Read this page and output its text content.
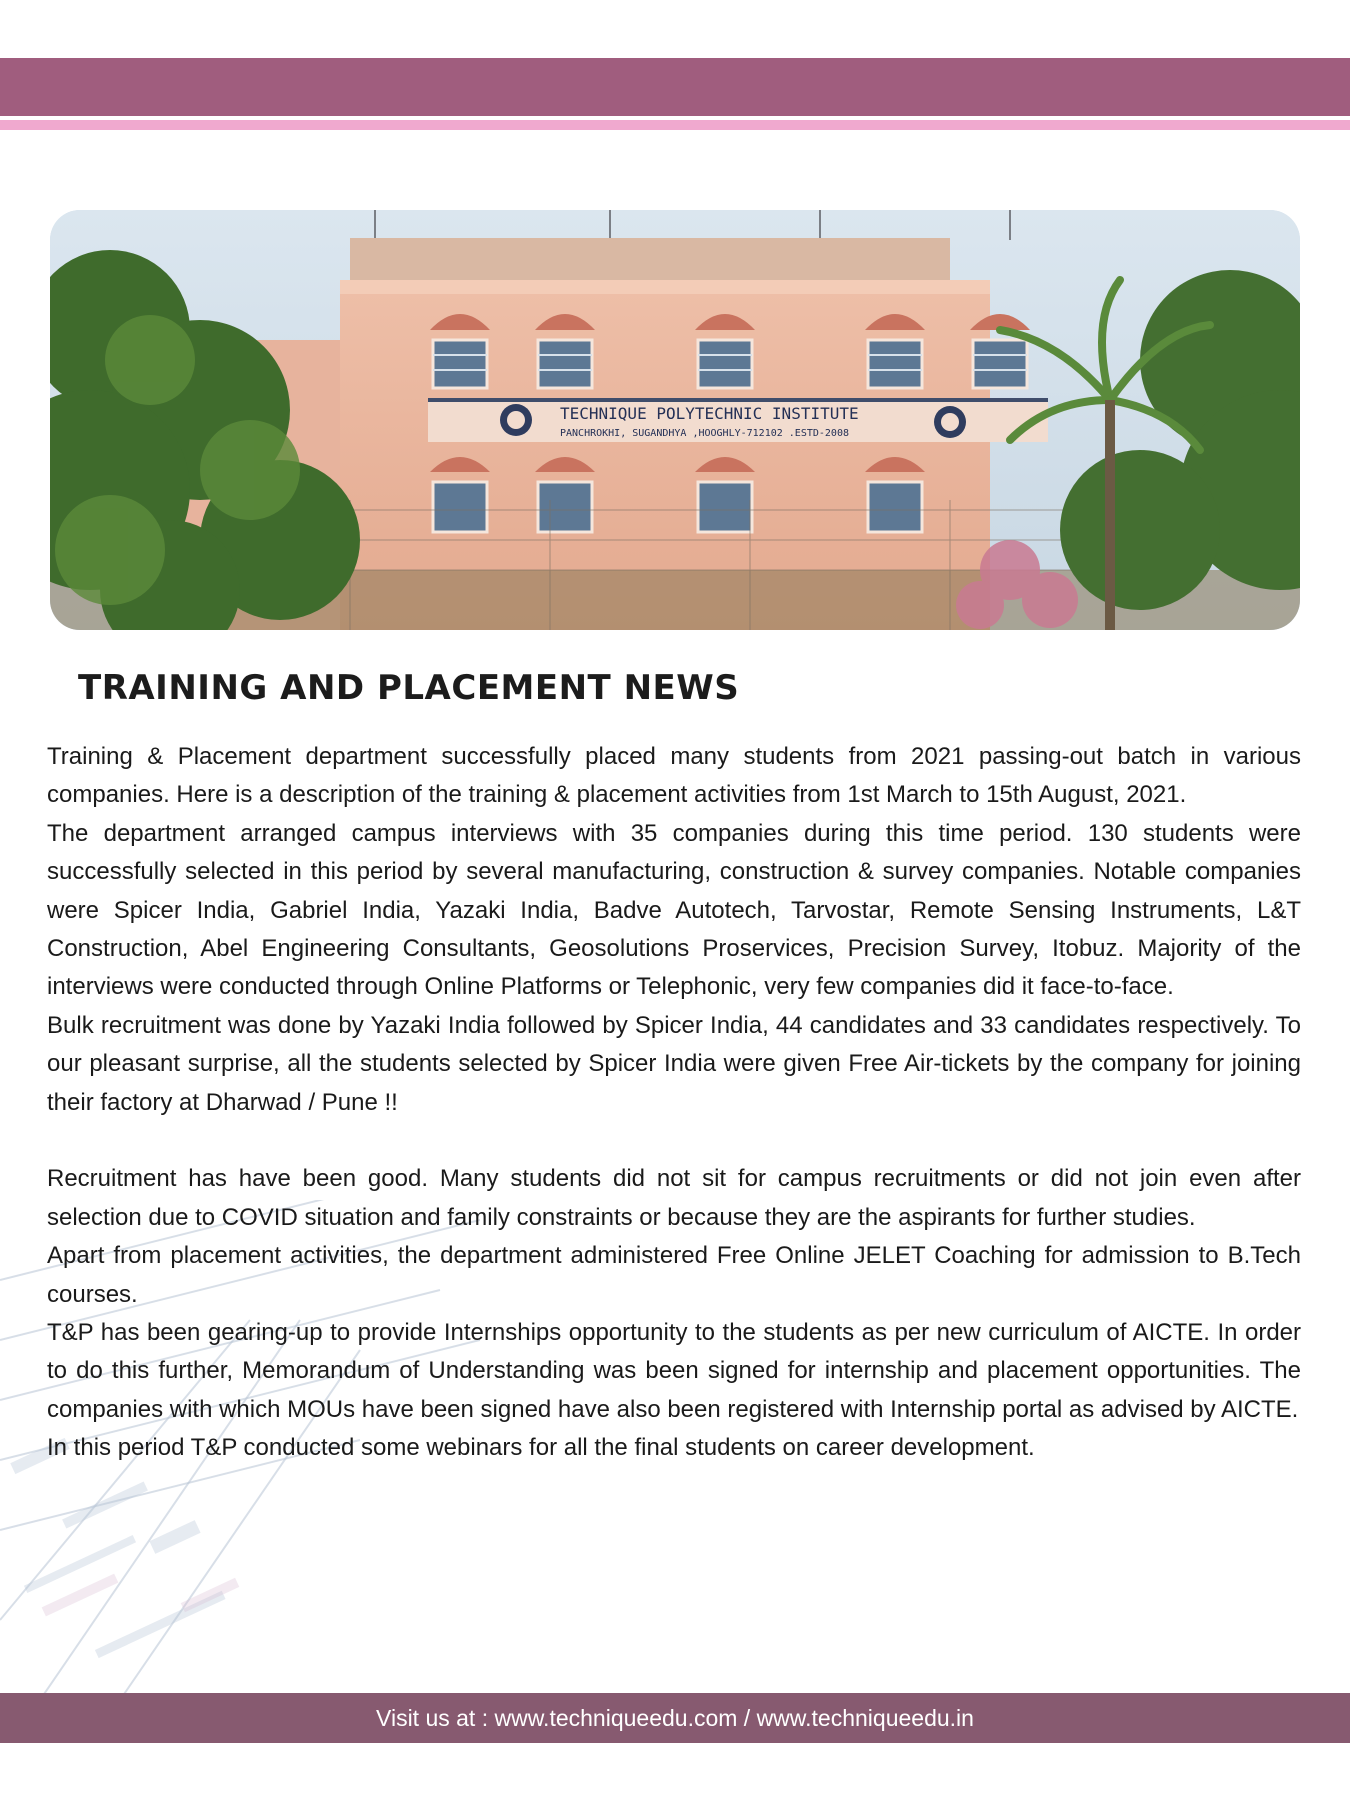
TECHNIQUE POLYTECHNIC INSTITUTE
PANCHROKHI, SUGANDHYA ,HOOGHLY-712102 .ESTD-2008
TRAINING AND PLACEMENT NEWS

Training & Placement department successfully placed many students from 2021 passing-out batch in various companies. Here is a description of the training & placement activities from 1st March to 15th August, 2021.

The department arranged campus interviews with 35 companies during this time period. 130 students were successfully selected in this period by several manufacturing, construction & survey companies. Notable companies were Spicer India, Gabriel India, Yazaki India, Badve Autotech, Tarvostar, Remote Sensing Instruments, L&T Construction, Abel Engineering Consultants, Geosolutions Proservices, Precision Survey, Itobuz. Majority of the interviews were conducted through Online Platforms or Telephonic, very few companies did it face-to-face.

Bulk recruitment was done by Yazaki India followed by Spicer India, 44 candidates and 33 candidates respectively. To our pleasant surprise, all the students selected by Spicer India were given Free Air-tickets by the company for joining their factory at Dharwad / Pune !!

Recruitment has have been good. Many students did not sit for campus recruitments or did not join even after selection due to COVID situation and family constraints or because they are the aspirants for further studies.

Apart from placement activities, the department administered Free Online JELET Coaching for admission to B.Tech courses.

T&P has been gearing-up to provide Internships opportunity to the students as per new curriculum of AICTE. In order to do this further, Memorandum of Understanding was been signed for internship and placement opportunities. The companies with which MOUs have been signed have also been registered with Internship portal as advised by AICTE.

In this period T&P conducted some webinars for all the final students on career development.

Visit us at : www.techniqueedu.com / www.techniqueedu.in
